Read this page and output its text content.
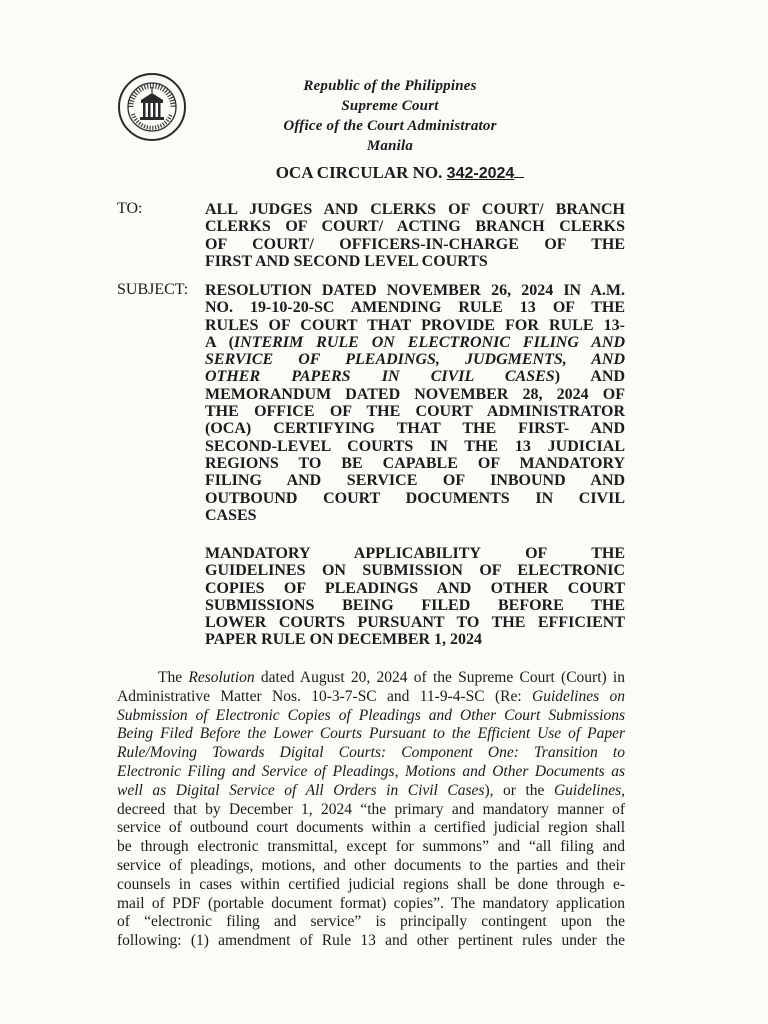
Republic of the Philippines
Supreme Court
Office of the Court Administrator
Manila
OCA CIRCULAR NO. 342-2024
TO:	ALL JUDGES AND CLERKS OF COURT/ BRANCH
CLERKS OF COURT/ ACTING BRANCH CLERKS
OF COURT/ OFFICERS-IN-CHARGE OF THE
FIRST AND SECOND LEVEL COURTS
SUBJECT: RESOLUTION DATED NOVEMBER 26, 2024 IN A.M.
NO. 19-10-20-SC AMENDING RULE 13 OF THE
RULES OF COURT THAT PROVIDE FOR RULE 13-
A (INTERIM RULE ON ELECTRONIC FILING AND
SERVICE OF PLEADINGS, JUDGMENTS, AND
OTHER PAPERS IN CIVIL CASES) AND
MEMORANDUM DATED NOVEMBER 28, 2024 OF
THE OFFICE OF THE COURT ADMINISTRATOR
(OCA) CERTIFYING THAT THE FIRST- AND
SECOND-LEVEL COURTS IN THE 13 JUDICIAL
REGIONS TO BE CAPABLE OF MANDATORY
FILING AND SERVICE OF INBOUND AND
OUTBOUND COURT DOCUMENTS IN CIVIL
CASES
MANDATORY APPLICABILITY OF THE
GUIDELINES ON SUBMISSION OF ELECTRONIC
COPIES OF PLEADINGS AND OTHER COURT
SUBMISSIONS BEING FILED BEFORE THE
LOWER COURTS PURSUANT TO THE EFFICIENT
PAPER RULE ON DECEMBER 1, 2024
The Resolution dated August 20, 2024 of the Supreme Court (Court) in
Administrative Matter Nos. 10-3-7-SC and 11-9-4-SC (Re: Guidelines on
Submission of Electronic Copies of Pleadings and Other Court Submissions
Being Filed Before the Lower Courts Pursuant to the Efficient Use of Paper
Rule/Moving Towards Digital Courts: Component One: Transition to
Electronic Filing and Service of Pleadings, Motions and Other Documents as
well as Digital Service of All Orders in Civil Cases), or the Guidelines,
decreed that by December 1, 2024 “the primary and mandatory manner of
service of outbound court documents within a certified judicial region shall
be through electronic transmittal, except for summons” and “all filing and
service of pleadings, motions, and other documents to the parties and their
counsels in cases within certified judicial regions shall be done through e-
mail of PDF (portable document format) copies”. The mandatory application
of “electronic filing and service” is principally contingent upon the
following: (1) amendment of Rule 13 and other pertinent rules under the
